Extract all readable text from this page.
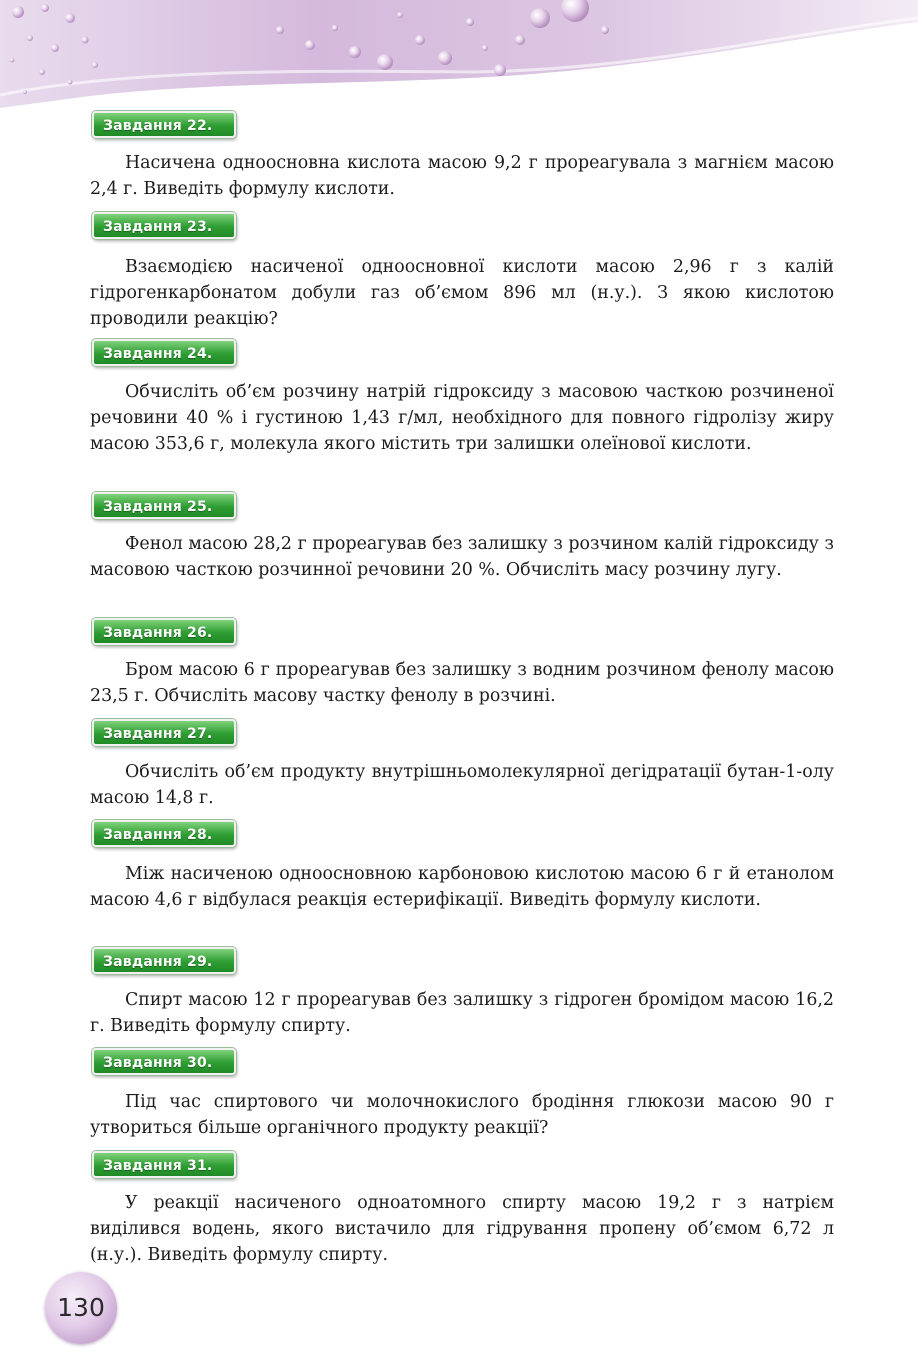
Завдання 22.
Насичена одноосновна кислота масою 9,2 г прореагувала з магнієм масою 2,4 г. Виведіть формулу кислоти.
Завдання 23.
Взаємодією насиченої одноосновної кислоти масою 2,96 г з калій гідрогенкарбонатом добули газ об’ємом 896 мл (н.у.). З якою кислотою проводили реакцію?
Завдання 24.
Обчисліть об’єм розчину натрій гідроксиду з масовою часткою розчиненої речовини 40 % і густиною 1,43 г/мл, необхідного для повного гідролізу жиру масою 353,6 г, молекула якого містить три залишки олеїнової кислоти.
Завдання 25.
Фенол масою 28,2 г прореагував без залишку з розчином калій гідроксиду з масовою часткою розчинної речовини 20 %. Обчисліть масу розчину лугу.
Завдання 26.
Бром масою 6 г прореагував без залишку з водним розчином фенолу масою 23,5 г. Обчисліть масову частку фенолу в розчині.
Завдання 27.
Обчисліть об’єм продукту внутрішньомолекулярної дегідратації бутан-1-олу масою 14,8 г.
Завдання 28.
Між насиченою одноосновною карбоновою кислотою масою 6 г й етанолом масою 4,6 г відбулася реакція естерифікації. Виведіть формулу кислоти.
Завдання 29.
Спирт масою 12 г прореагував без залишку з гідроген бромідом масою 16,2 г. Виведіть формулу спирту.
Завдання 30.
Під час спиртового чи молочнокислого бродіння глюкози масою 90 г утвориться більше органічного продукту реакції?
Завдання 31.
У реакції насиченого одноатомного спирту масою 19,2 г з натрієм виділився водень, якого вистачило для гідрування пропену об’ємом 6,72 л (н.у.). Виведіть формулу спирту.
130
